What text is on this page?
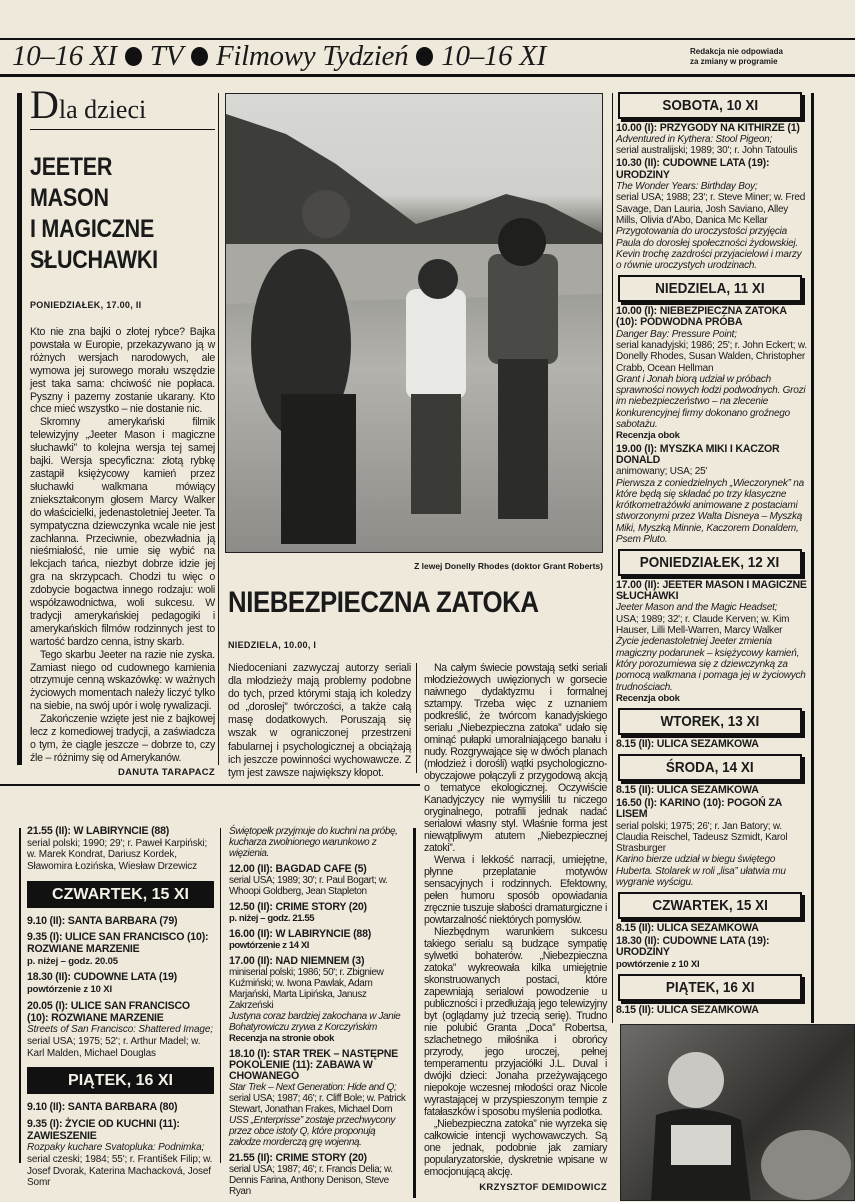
10–16 XI TV Filmowy Tydzień 10–16 XI	Redakcja nie odpowiada
za zmiany w programie
Dla dzieci
JEETER
MASON
I MAGICZNE
SŁUCHAWKI
PONIEDZIAŁEK, 17.00, II

Kto nie zna bajki o złotej rybce? Bajka powstała w Europie, przekazywano ją w różnych wersjach narodowych, ale wymowa jej surowego morału wszędzie jest taka sama: chciwość nie popłaca. Pyszny i pazerny zostanie ukarany. Kto chce mieć wszystko – nie dostanie nic.

Skromny amerykański filmik telewizyjny „Jeeter Mason i magiczne słuchawki” to kolejna wersja tej samej bajki. Wersja specyficzna: złotą rybkę zastąpił księżycowy kamień przez słuchawki walkmana mówiący zniekształconym głosem Marcy Walker do właścicielki, jedenastoletniej Jeeter. Ta sympatyczna dziewczynka wcale nie jest zachłanna. Przeciwnie, obezwładnia ją nieśmiałość, nie umie się wybić na lekcjach tańca, niezbyt dobrze idzie jej gra na skrzypcach. Chodzi tu więc o zdobycie bogactwa innego rodzaju: woli współzawodnictwa, woli sukcesu. W tradycji amerykańskiej pedagogiki i amerykańskich filmów rodzinnych jest to wartość bardzo cenna, istny skarb.

Tego skarbu Jeeter na razie nie zyska. Zamiast niego od cudownego kamienia otrzymuje cenną wskazówkę: w ważnych życiowych momentach należy liczyć tylko na siebie, na swój upór i wolę rywalizacji.

Zakończenie wzięte jest nie z bajkowej lecz z komediowej tradycji, a zaświadcza o tym, że ciągle jeszcze – dobrze to, czy źle – różnimy się od Amerykanów.

DANUTA TARAPACZ
Z lewej Donelly Rhodes (doktor Grant Roberts)
NIEBEZPIECZNA ZATOKA
NIEDZIELA, 10.00, I

Niedoceniani zazwyczaj autorzy seriali dla młodzieży mają problemy podobne do tych, przed którymi stają ich koledzy od „dorosłej” twórczości, a także całą masę dodatkowych. Poruszają się wszak w ograniczonej przestrzeni fabularnej i psychologicznej a obciążają ich jeszcze powinności wychowawcze. Z tym jest zawsze największy kłopot.

Na całym świecie powstają setki seriali młodzieżowych uwięzionych w gorsecie naiwnego dydaktyzmu i formalnej sztampy. Trzeba więc z uznaniem podkreślić, że twórcom kanadyjskiego serialu „Niebezpieczna zatoka” udało się ominąć pułapki umoralniającego banału i nudy. Rozgrywające się w dwóch planach (młodzież i dorośli) wątki psychologiczno-obyczajowe połączyli z przygodową akcją o tematyce ekologicznej. Oczywiście Kanadyjczycy nie wymyślili tu niczego oryginalnego, potrafili jednak nadać serialowi własny styl. Właśnie forma jest niewątpliwym atutem „Niebezpiecznej zatoki”.

Werwa i lekkość narracji, umiejętne, płynne przeplatanie motywów sensacyjnych i rodzinnych. Efektowny, pełen humoru sposób opowiadania zręcznie tuszuje słabości dramaturgiczne i powtarzalność niektórych pomysłów.

Niezbędnym warunkiem sukcesu takiego serialu są budzące sympatię sylwetki bohaterów. „Niebezpieczna zatoka” wykreowała kilka umiejętnie skonstruowanych postaci, które zapewniają serialowi powodzenie u publiczności i przedłużają jego telewizyjny byt (oglądamy już trzecią serię). Trudno nie polubić Granta „Doca” Robertsa, szlachetnego miłośnika i obrońcy przyrody, jego uroczej, pełnej temperamentu przyjaciółki J.L. Duval i dwójki dzieci: Jonaha przeżywającego niepokoje wczesnej młodości oraz Nicole wyrastającej w przyspieszonym tempie z fatałaszków i sposobu myślenia podlotka.

„Niebezpieczna zatoka” nie wyrzeka się całkowicie intencji wychowawczych. Są one jednak, podobnie jak zamiary popularyzatorskie, dyskretnie wpisane w emocjonującą akcję.

KRZYSZTOF DEMIDOWICZ
SOBOTA, 10 XI
10.00 (I): PRZYGODY NA KITHIRZE (1)
Adventured in Kythera: Stool Pigeon;
serial australijski; 1989; 30'; r. John Tatoulis
10.30 (II): CUDOWNE LATA (19): URODZINY
The Wonder Years: Birthday Boy;
serial USA; 1988; 23'; r. Steve Miner; w. Fred Savage, Dan Lauria, Josh Saviano, Alley Mills, Olivia d'Abo, Danica Mc Kellar
Przygotowania do uroczystości przyjęcia Paula do dorosłej społeczności żydowskiej. Kevin trochę zazdrości przyjacielowi i marzy o równie uroczystych urodzinach.
NIEDZIELA, 11 XI
10.00 (I): NIEBEZPIECZNA ZATOKA (10): PODWODNA PRÓBA
Danger Bay: Pressure Point;
serial kanadyjski; 1986; 25'; r. John Eckert; w. Donelly Rhodes, Susan Walden, Christopher Crabb, Ocean Hellman
Grant i Jonah biorą udział w próbach sprawności nowych łodzi podwodnych. Grozi im niebezpieczeństwo – na zlecenie konkurencyjnej firmy dokonano groźnego sabotażu.
Recenzja obok
19.00 (I): MYSZKA MIKI I KACZOR DONALD
animowany; USA; 25'
Pierwsza z coniedzielnych „Wieczorynek” na które będą się składać po trzy klasyczne krótkometrażówki animowane z postaciami stworzonymi przez Walta Disneya – Myszką Miki, Myszką Minnie, Kaczorem Donaldem, Psem Pluto.
PONIEDZIAŁEK, 12 XI
17.00 (II): JEETER MASON I MAGICZNE SŁUCHAWKI
Jeeter Mason and the Magic Headset;
USA; 1989; 32'; r. Claude Kerven; w. Kim Hauser, Lilli Mell-Warren, Marcy Walker
Życie jedenastoletniej Jeeter zmienia magiczny podarunek – księżycowy kamień, który porozumiewa się z dziewczynką za pomocą walkmana i pomaga jej w życiowych trudnościach.
Recenzja obok
WTOREK, 13 XI
8.15 (II): ULICA SEZAMKOWA
ŚRODA, 14 XI
8.15 (II): ULICA SEZAMKOWA
16.50 (I): KARINO (10): POGOŃ ZA LISEM
serial polski; 1975; 26'; r. Jan Batory; w. Claudia Reischel, Tadeusz Szmidt, Karol Strasburger
Karino bierze udział w biegu świętego Huberta. Stolarek w roli „lisa” ułatwia mu wygranie wyścigu.
CZWARTEK, 15 XI
8.15 (II): ULICA SEZAMKOWA
18.30 (II): CUDOWNE LATA (19): URODZINY
powtórzenie z 10 XI
PIĄTEK, 16 XI
8.15 (II): ULICA SEZAMKOWA
21.55 (II): W LABIRYNCIE (88)
serial polski; 1990; 29'; r. Paweł Karpiński; w. Marek Kondrat, Dariusz Kordek, Sławomira Łozińska, Wiesław Drzewicz
CZWARTEK, 15 XI
9.10 (II): SANTA BARBARA (79)
9.35 (I): ULICE SAN FRANCISCO (10): ROZWIANE MARZENIE
p. niżej – godz. 20.05
18.30 (II): CUDOWNE LATA (19)
powtórzenie z 10 XI
20.05 (I): ULICE SAN FRANCISCO (10): ROZWIANE MARZENIE
Streets of San Francisco: Shattered Image;
serial USA; 1975; 52'; r. Arthur Madel; w. Karl Malden, Michael Douglas
PIĄTEK, 16 XI
9.10 (II): SANTA BARBARA (80)
9.35 (I): ŻYCIE OD KUCHNI (11): ZAWIESZENIE
Rozpaky kuchare Svatopluka: Podnimka;
serial czeski; 1984; 55'; r. František Filip; w. Josef Dvorak, Katerina Machacková, Josef Somr
Świętopełk przyjmuje do kuchni na próbę, kucharza zwolnionego warunkowo z więzienia.
12.00 (II): BAGDAD CAFE (5)
serial USA; 1989; 30'; r. Paul Bogart; w. Whoopi Goldberg, Jean Stapleton
12.50 (II): CRIME STORY (20)
p. niżej – godz. 21.55
16.00 (II): W LABIRYNCIE (88)
powtórzenie z 14 XI
17.00 (II): NAD NIEMNEM (3)
miniserial polski; 1986; 50'; r. Zbigniew Kuźmiński; w. Iwona Pawlak, Adam Marjański, Marta Lipińska, Janusz Zakrzeński
Justyna coraz bardziej zakochana w Janie Bohatyrowiczu zrywa z Korczyńskim
Recenzja na stronie obok
18.10 (I): STAR TREK – NASTĘPNE POKOLENIE (11): ZABAWA W CHOWANEGO
Star Trek – Next Generation: Hide and Q;
serial USA; 1987; 46'; r. Cliff Bole; w. Patrick Stewart, Jonathan Frakes, Michael Dorn
USS „Enterprisse” zostaje przechwycony przez obce istoty Q, które proponują załodze morderczą grę wojenną.
21.55 (II): CRIME STORY (20)
serial USA; 1987; 46'; r. Francis Delia; w. Dennis Farina, Anthony Denison, Steve Ryan
